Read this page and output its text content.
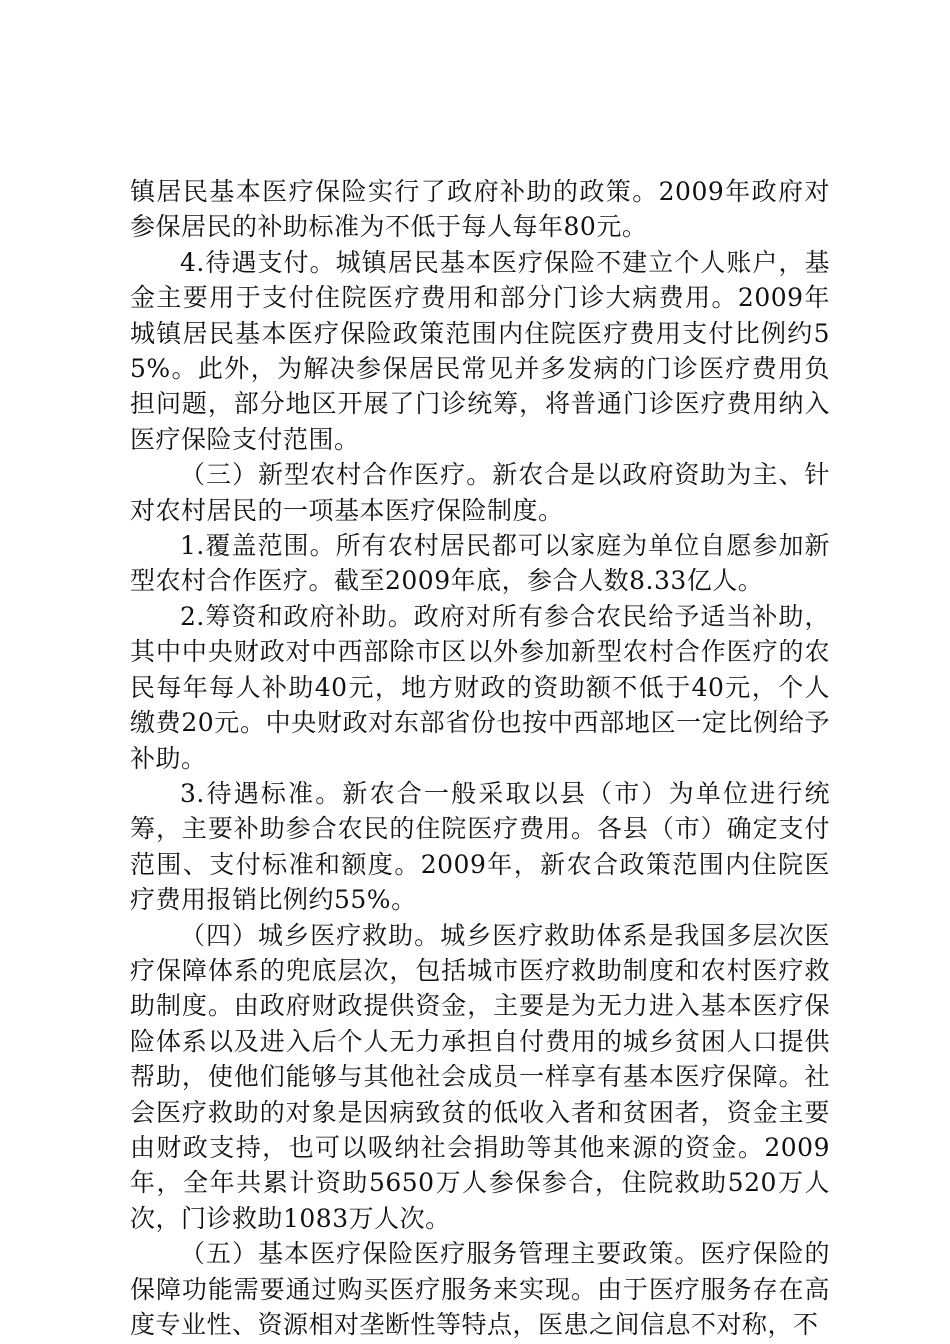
镇居民基本医疗保险实行了政府补助的政策。2009年政府对参保居民的补助标准为不低于每人每年80元。

4.待遇支付。城镇居民基本医疗保险不建立个人账户，基金主要用于支付住院医疗费用和部分门诊大病费用。2009年城镇居民基本医疗保险政策范围内住院医疗费用支付比例约55%。此外，为解决参保居民常见并多发病的门诊医疗费用负担问题，部分地区开展了门诊统筹，将普通门诊医疗费用纳入医疗保险支付范围。

（三）新型农村合作医疗。新农合是以政府资助为主、针对农村居民的一项基本医疗保险制度。

1.覆盖范围。所有农村居民都可以家庭为单位自愿参加新型农村合作医疗。截至2009年底，参合人数8.33亿人。

2.筹资和政府补助。政府对所有参合农民给予适当补助，其中中央财政对中西部除市区以外参加新型农村合作医疗的农民每年每人补助40元，地方财政的资助额不低于40元，个人缴费20元。中央财政对东部省份也按中西部地区一定比例给予补助。

3.待遇标准。新农合一般采取以县（市）为单位进行统筹，主要补助参合农民的住院医疗费用。各县（市）确定支付范围、支付标准和额度。2009年，新农合政策范围内住院医疗费用报销比例约55%。

（四）城乡医疗救助。城乡医疗救助体系是我国多层次医疗保障体系的兜底层次，包括城市医疗救助制度和农村医疗救助制度。由政府财政提供资金，主要是为无力进入基本医疗保险体系以及进入后个人无力承担自付费用的城乡贫困人口提供帮助，使他们能够与其他社会成员一样享有基本医疗保障。社会医疗救助的对象是因病致贫的低收入者和贫困者，资金主要由财政支持，也可以吸纳社会捐助等其他来源的资金。2009年，全年共累计资助5650万人参保参合，住院救助520万人次，门诊救助1083万人次。

（五）基本医疗保险医疗服务管理主要政策。医疗保险的保障功能需要通过购买医疗服务来实现。由于医疗服务存在高度专业性、资源相对垄断性等特点，医患之间信息不对称，不
